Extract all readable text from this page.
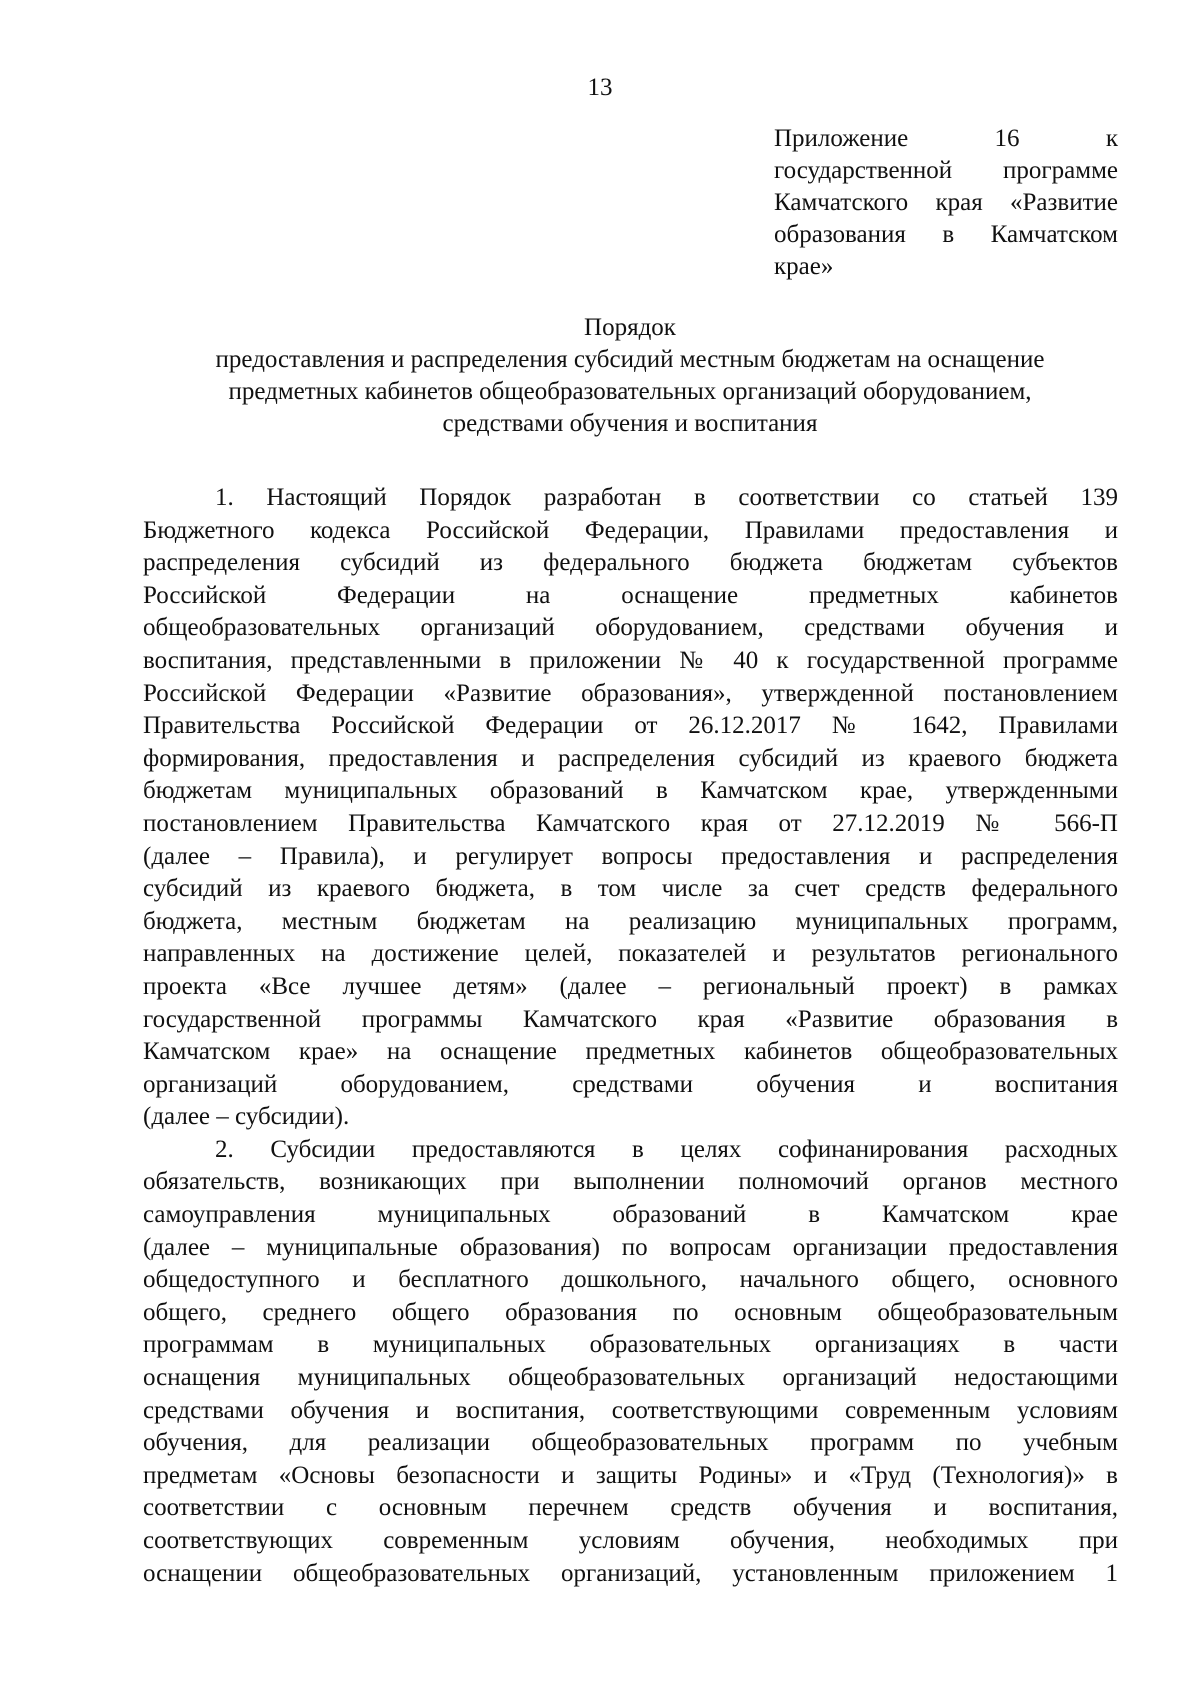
13
Приложение 16 к
государственной программе
Камчатского края «Развитие
образования в Камчатском
крае»
Порядок
предоставления и распределения субсидий местным бюджетам на оснащение
предметных кабинетов общеобразовательных организаций оборудованием,
средствами обучения и воспитания
1. Настоящий Порядок разработан в соответствии со статьей 139
Бюджетного кодекса Российской Федерации, Правилами предоставления и
распределения субсидий из федерального бюджета бюджетам субъектов
Российской Федерации на оснащение предметных кабинетов
общеобразовательных организаций оборудованием, средствами обучения и
воспитания, представленными в приложении № 40 к государственной программе
Российской Федерации «Развитие образования», утвержденной постановлением
Правительства Российской Федерации от 26.12.2017 № 1642, Правилами
формирования, предоставления и распределения субсидий из краевого бюджета
бюджетам муниципальных образований в Камчатском крае, утвержденными
постановлением Правительства Камчатского края от 27.12.2019 № 566-П
(далее – Правила), и регулирует вопросы предоставления и распределения
субсидий из краевого бюджета, в том числе за счет средств федерального
бюджета, местным бюджетам на реализацию муниципальных программ,
направленных на достижение целей, показателей и результатов регионального
проекта «Все лучшее детям» (далее – региональный проект) в рамках
государственной программы Камчатского края «Развитие образования в
Камчатском крае» на оснащение предметных кабинетов общеобразовательных
организаций оборудованием, средствами обучения и воспитания
(далее – субсидии).
2. Субсидии предоставляются в целях софинанирования расходных
обязательств, возникающих при выполнении полномочий органов местного
самоуправления муниципальных образований в Камчатском крае
(далее – муниципальные образования) по вопросам организации предоставления
общедоступного и бесплатного дошкольного, начального общего, основного
общего, среднего общего образования по основным общеобразовательным
программам в муниципальных образовательных организациях в части
оснащения муниципальных общеобразовательных организаций недостающими
средствами обучения и воспитания, соответствующими современным условиям
обучения, для реализации общеобразовательных программ по учебным
предметам «Основы безопасности и защиты Родины» и «Труд (Технология)» в
соответствии с основным перечнем средств обучения и воспитания,
соответствующих современным условиям обучения, необходимых при
оснащении общеобразовательных организаций, установленным приложением 1
